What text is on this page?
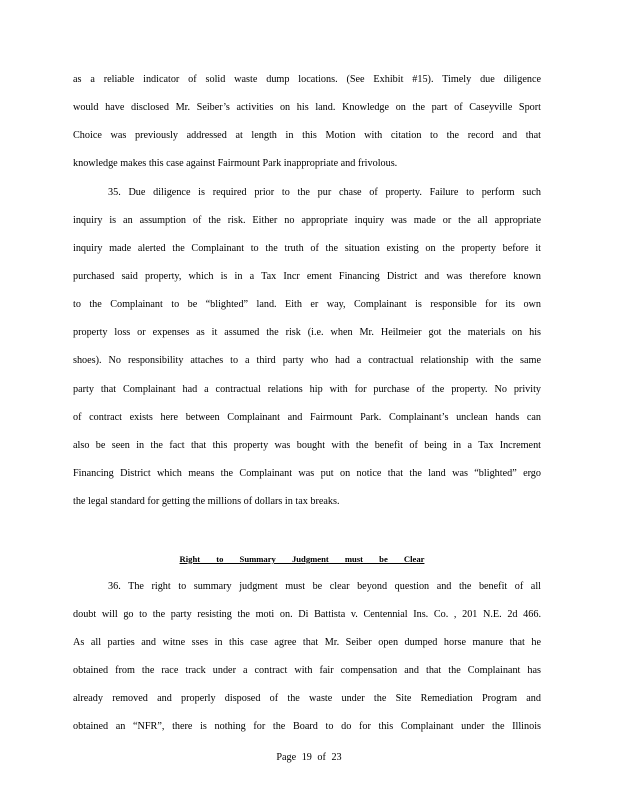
as a reliable indicator of solid waste dump locations. (See Exhibit #15). Timely due diligence
would have disclosed Mr. Seiber’s activities on his land. Knowledge on the part of Caseyville Sport
Choice was previously addressed at length in this Motion with citation to the record and that
knowledge makes this case against Fairmount Park inappropriate and frivolous.
35. Due diligence is required prior to the pur chase of property. Failure to perform such
inquiry is an assumption of the risk. Either no appropriate inquiry was made or the all appropriate
inquiry made alerted the Complainant to the truth of the situation existing on the property before it
purchased said property, which is in a Tax Incr ement Financing District and was therefore known
to the Complainant to be “blighted” land. Eith er way, Complainant is responsible for its own
property loss or expenses as it assumed the risk (i.e. when Mr. Heilmeier got the materials on his
shoes). No responsibility attaches to a third party who had a contractual relationship with the same
party that Complainant had a contractual relations hip with for purchase of the property. No privity
of contract exists here between Complainant and Fairmount Park. Complainant’s unclean hands can
also be seen in the fact that this property was bought with the benefit of being in a Tax Increment
Financing District which means the Complainant was put on notice that the land was “blighted” ergo
the legal standard for getting the millions of dollars in tax breaks.
Right to Summary Judgment must be Clear
36. The right to summary judgment must be clear beyond question and the benefit of all
doubt will go to the party resisting the moti on. Di Battista v. Centennial Ins. Co. , 201 N.E. 2d 466.
As all parties and witne sses in this case agree that Mr. Seiber open dumped horse manure that he
obtained from the race track under a contract with fair compensation and that the Complainant has
already removed and properly disposed of the waste under the Site Remediation Program and
obtained an “NFR”, there is nothing for the Board to do for this Complainant under the Illinois
Page 19 of 23
